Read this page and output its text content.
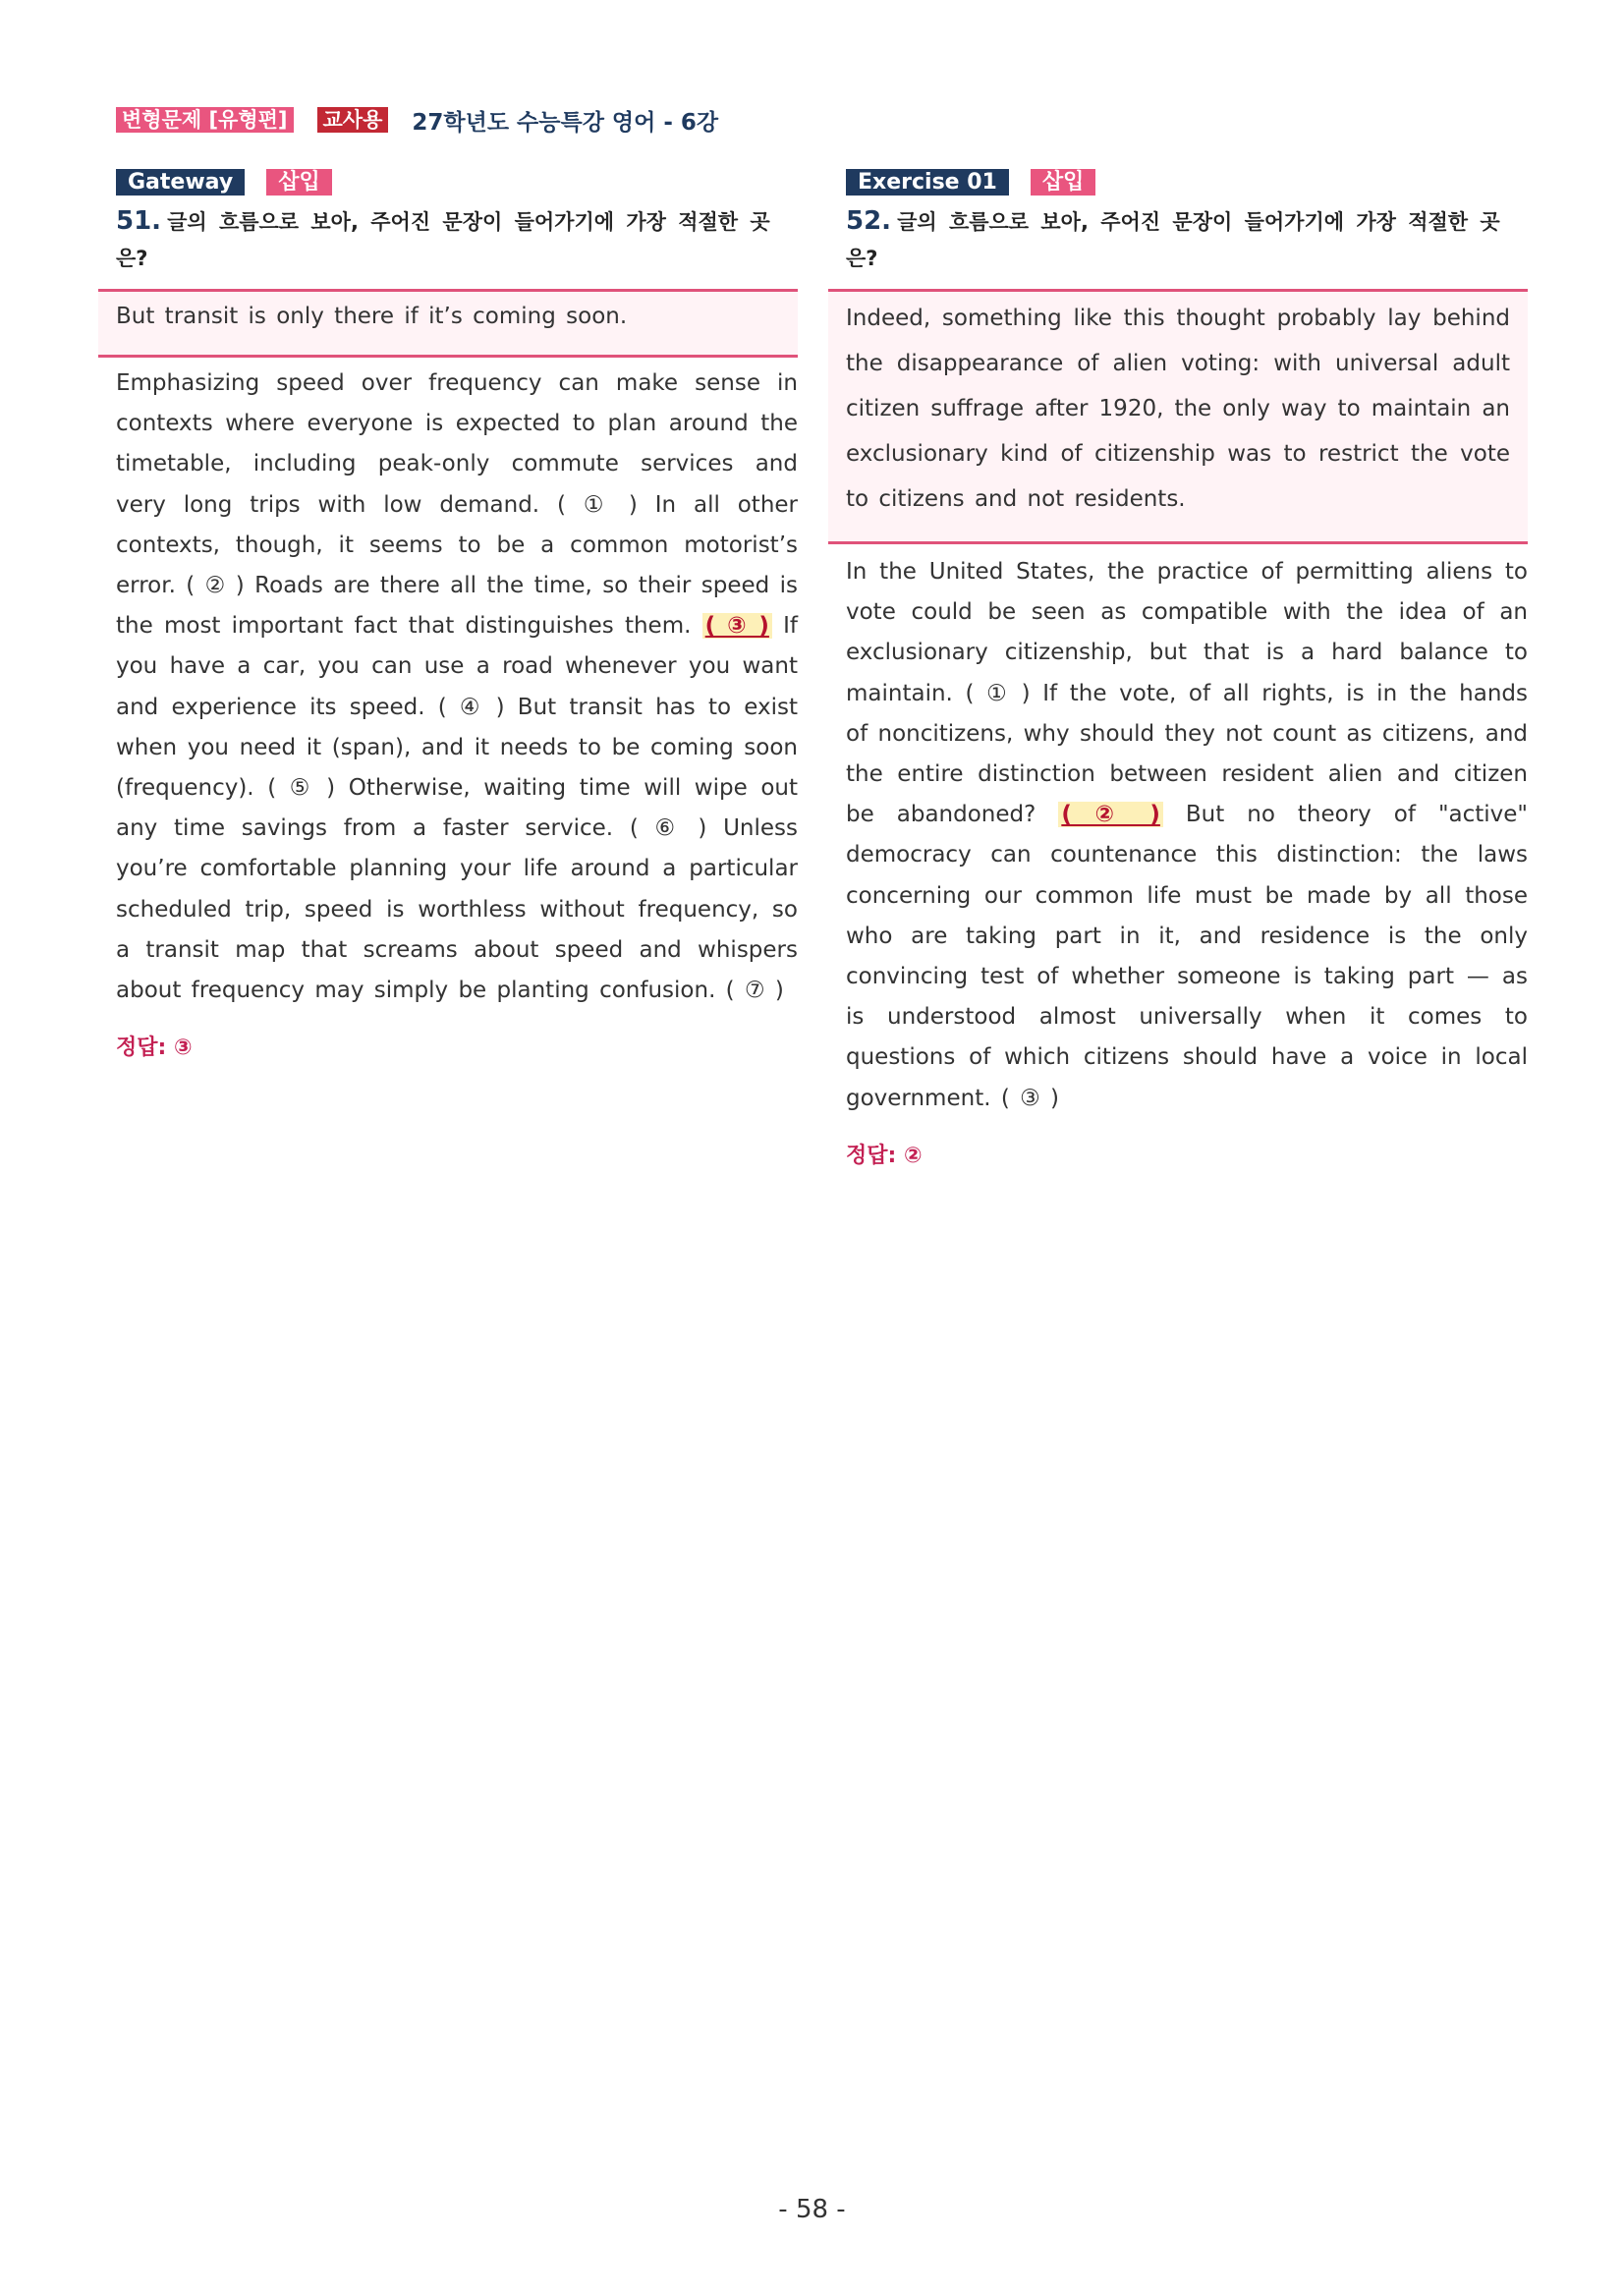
변형문제 [유형편] 교사용 27학년도 수능특강 영어 - 6강
Gateway	삽입
51. 글의 흐름으로 보아, 주어진 문장이 들어가기에 가장 적절한 곳은?
But transit is only there if it’s coming soon.
Emphasizing speed over frequency can make sense in contexts where everyone is expected to plan around the timetable, including peak-only commute services and very long trips with low demand. ( ① ) In all other contexts, though, it seems to be a common motorist’s error. ( ② ) Roads are there all the time, so their speed is the most important fact that distinguishes them. ( ③ ) If you have a car, you can use a road whenever you want and experience its speed. ( ④ ) But transit has to exist when you need it (span), and it needs to be coming soon (frequency). ( ⑤ ) Otherwise, waiting time will wipe out any time savings from a faster service. ( ⑥ ) Unless you’re comfortable planning your life around a particular scheduled trip, speed is worthless without frequency, so a transit map that screams about speed and whispers about frequency may simply be planting confusion. ( ⑦ )
정답: ③
Exercise 01	삽입
52. 글의 흐름으로 보아, 주어진 문장이 들어가기에 가장 적절한 곳은?
Indeed, something like this thought probably lay behind the disappearance of alien voting: with universal adult citizen suffrage after 1920, the only way to maintain an exclusionary kind of citizenship was to restrict the vote to citizens and not residents.
In the United States, the practice of permitting aliens to vote could be seen as compatible with the idea of an exclusionary citizenship, but that is a hard balance to maintain. ( ① ) If the vote, of all rights, is in the hands of noncitizens, why should they not count as citizens, and the entire distinction between resident alien and citizen be abandoned? ( ② ) But no theory of "active" democracy can countenance this distinction: the laws concerning our common life must be made by all those who are taking part in it, and residence is the only convincing test of whether someone is taking part — as is understood almost universally when it comes to questions of which citizens should have a voice in local government. ( ③ )
정답: ②
- 58 -
